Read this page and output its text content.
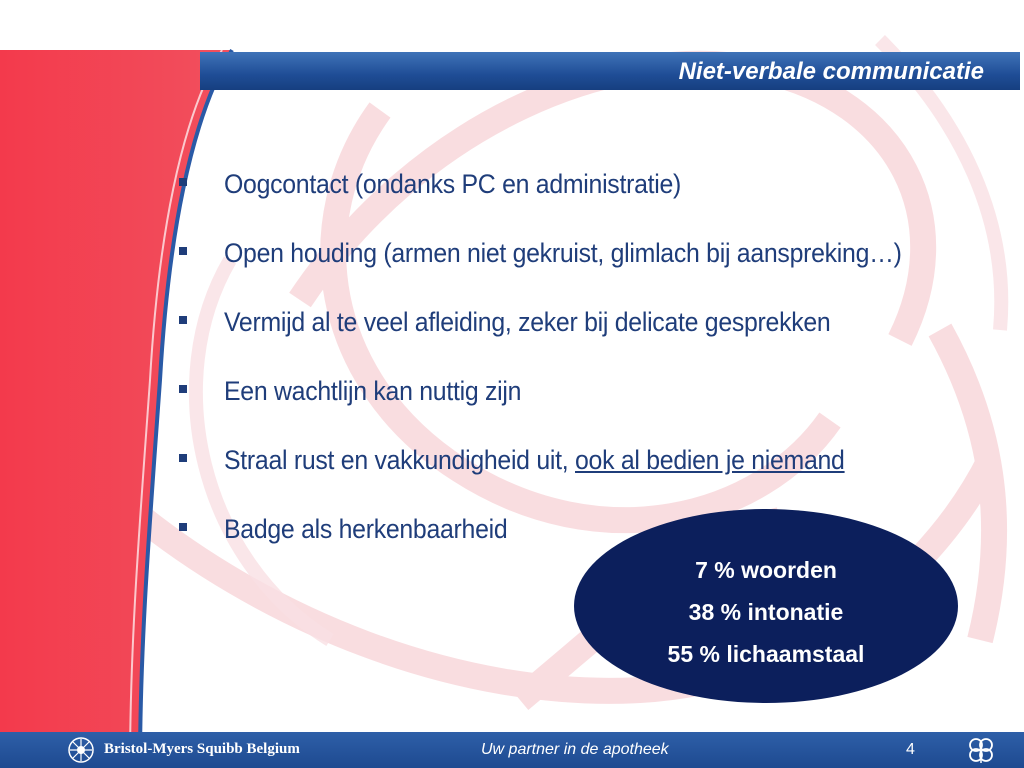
Niet-verbale communicatie
Oogcontact (ondanks PC en administratie)
Open houding (armen niet gekruist, glimlach bij aanspreking…)
Vermijd al te veel afleiding, zeker bij delicate gesprekken
Een wachtlijn kan nuttig zijn
Straal rust en vakkundigheid uit, ook al bedien je niemand
Badge als herkenbaarheid
7 % woorden
38 % intonatie
55 % lichaamstaal
Bristol-Myers Squibb Belgium	Uw partner in de apotheek	4
